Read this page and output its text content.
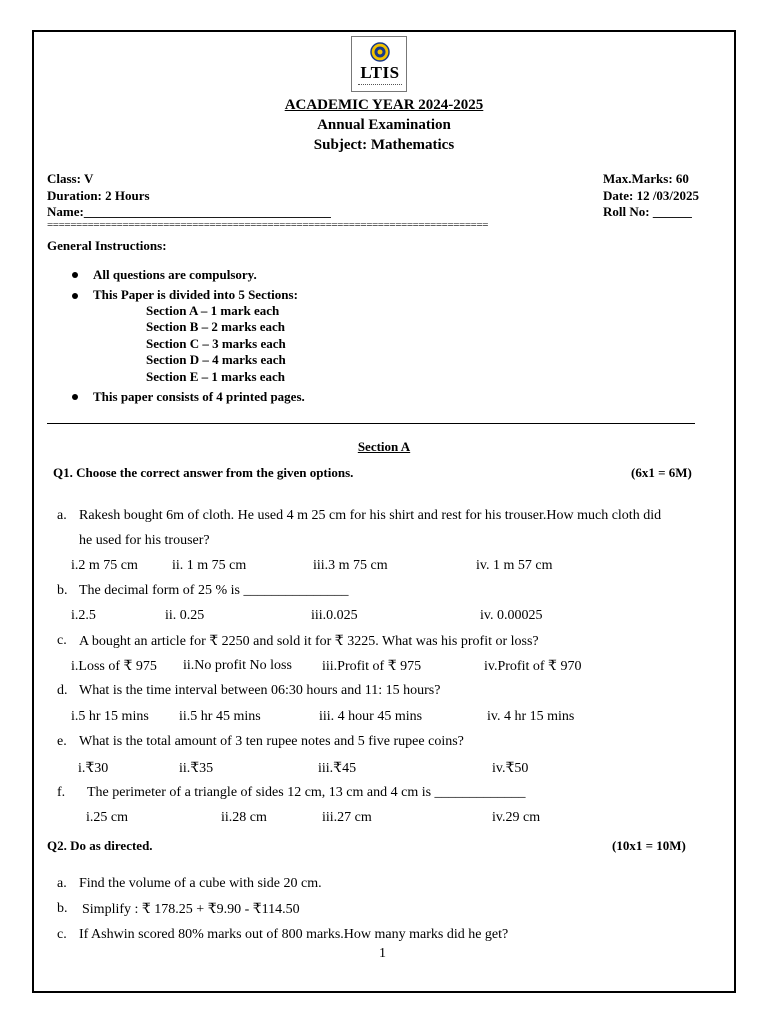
LTIS
ACADEMIC YEAR 2024-2025
Annual Examination
Subject: Mathematics
Class: V
Duration: 2 Hours
Name:______________________________________
Max.Marks: 60
Date: 12 /03/2025
Roll No: ______
============================================================================
General Instructions:
All questions are compulsory.
This Paper is divided into 5 Sections:
Section A – 1 mark each
Section B – 2 marks each
Section C – 3 marks each
Section D – 4 marks each
Section E – 1 marks each
This paper consists of 4 printed pages.
Section A
Q1. Choose the correct answer from the given options.	(6x1 = 6M)
a. Rakesh bought 6m of cloth. He used 4 m 25 cm for his shirt and rest for his trouser.How much cloth did
he used for his trouser?
i.2 m 75 cm ii. 1 m 75 cm	iii.3 m 75 cm	iv. 1 m 57 cm
b. The decimal form of 25 % is _______________
i.2.5	ii. 0.25	iii.0.025	iv. 0.00025
c. A bought an article for ₹ 2250 and sold it for ₹ 3225. What was his profit or loss?
i.Loss of ₹ 975 ii.No profit No loss iii.Profit of ₹ 975	iv.Profit of ₹ 970
d. What is the time interval between 06:30 hours and 11: 15 hours?
i.5 hr 15 mins ii.5 hr 45 mins	iii. 4 hour 45 mins	iv. 4 hr 15 mins
e. What is the total amount of 3 ten rupee notes and 5 five rupee coins?
i.₹30	ii.₹35	iii.₹45	iv.₹50
f. The perimeter of a triangle of sides 12 cm, 13 cm and 4 cm is _____________
i.25 cm	ii.28 cm	iii.27 cm	iv.29 cm
Q2. Do as directed.	(10x1 = 10M)
a. Find the volume of a cube with side 20 cm.
b. Simplify : ₹ 178.25 + ₹9.90 - ₹114.50
c. If Ashwin scored 80% marks out of 800 marks.How many marks did he get?
1
